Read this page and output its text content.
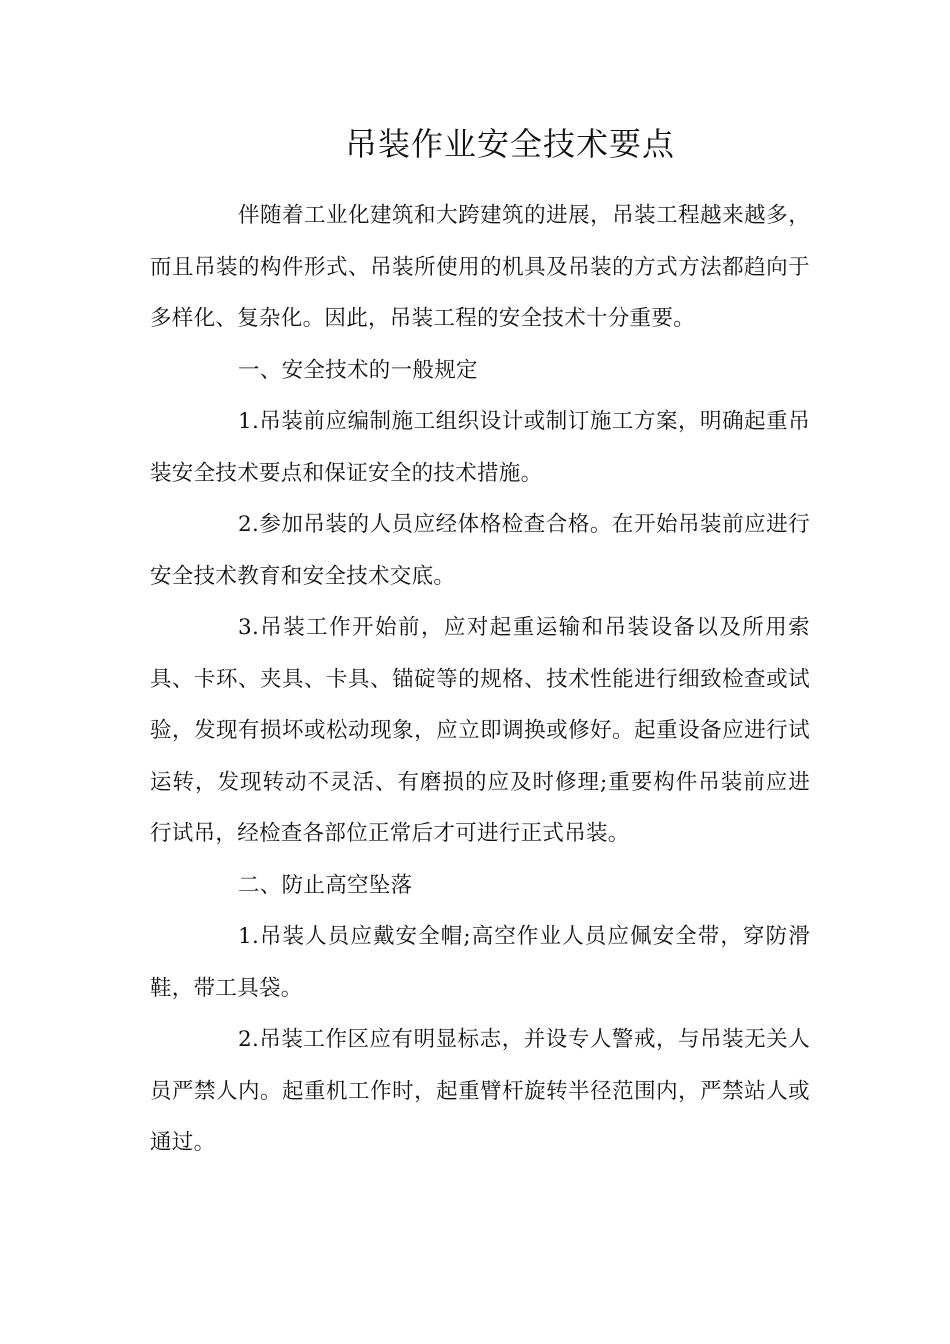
吊装作业安全技术要点

伴随着工业化建筑和大跨建筑的进展，吊装工程越来越多，而且吊装的构件形式、吊装所使用的机具及吊装的方式方法都趋向于多样化、复杂化。因此，吊装工程的安全技术十分重要。

一、安全技术的一般规定

1.吊装前应编制施工组织设计或制订施工方案，明确起重吊装安全技术要点和保证安全的技术措施。

2.参加吊装的人员应经体格检查合格。在开始吊装前应进行安全技术教育和安全技术交底。

3.吊装工作开始前，应对起重运输和吊装设备以及所用索具、卡环、夹具、卡具、锚碇等的规格、技术性能进行细致检查或试验，发现有损坏或松动现象，应立即调换或修好。起重设备应进行试运转，发现转动不灵活、有磨损的应及时修理;重要构件吊装前应进行试吊，经检查各部位正常后才可进行正式吊装。

二、防止高空坠落

1.吊装人员应戴安全帽;高空作业人员应佩安全带，穿防滑鞋，带工具袋。

2.吊装工作区应有明显标志，并设专人警戒，与吊装无关人员严禁人内。起重机工作时，起重臂杆旋转半径范围内，严禁站人或通过。
